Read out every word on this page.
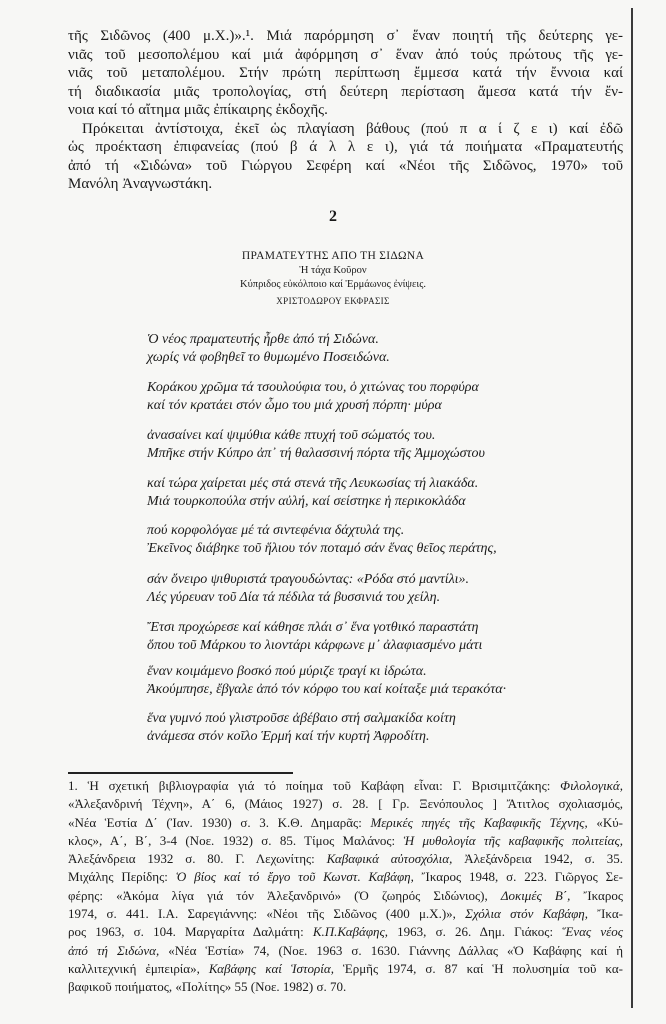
τῆς Σιδῶνος (400 μ.Χ.)».¹. Μιά παρόρμηση σ᾽ ἕναν ποιητή τῆς δεύτερης γε-
νιᾶς τοῦ μεσοπολέμου καί μιά ἀφόρμηση σ᾽ ἕναν ἀπό τούς πρώτους τῆς γε-
νιᾶς τοῦ μεταπολέμου. Στήν πρώτη περίπτωση ἔμμεσα κατά τήν ἔννοια καί
τή διαδικασία μιᾶς τροπολογίας, στή δεύτερη περίσταση ἄμεσα κατά τήν ἔν-
νοια καί τό αἴτημα μιᾶς ἐπίκαιρης ἐκδοχῆς.
Πρόκειται ἀντίστοιχα, ἐκεῖ ὡς πλαγίαση βάθους (πού π α ί ζ ε ι) καί ἐδῶ
ὡς προέκταση ἐπιφανείας (πού β ά λ λ ε ι), γιά τά ποιήματα «Πραματευτής
ἀπό τή «Σιδώνα» τοῦ Γιώργου Σεφέρη καί «Νέοι τῆς Σιδῶνος, 1970» τοῦ
Μανόλη Ἀναγνωστάκη.
2
ΠΡΑΜΑΤΕΥΤΗΣ ΑΠΟ ΤΗ ΣΙΔΩΝΑ
Ἡ τάχα Κοῦρον
Κύπριδος εὐκόλποιο καί Ἑρμάωνος ἐνίψεις.
ΧΡΙΣΤΟΔΩΡΟΥ ΕΚΦΡΑΣΙΣ
Ὁ νέος πραματευτής ἦρθε ἀπό τή Σιδώνα.
χωρίς νά φοβηθεῖ το θυμωμένο Ποσειδώνα.
Κοράκου χρῶμα τά τσουλούφια του, ὁ χιτώνας του πορφύρα
καί τόν κρατάει στόν ὦμο του μιά χρυσή πόρπη· μύρα
ἀνασαίνει καί ψιμύθια κάθε πτυχή τοῦ σώματός του.
Μπῆκε στήν Κύπρο ἀπ᾽ τή θαλασσινή πόρτα τῆς Ἀμμοχώστου
καί τώρα χαίρεται μές στά στενά τῆς Λευκωσίας τή λιακάδα.
Μιά τουρκοπούλα στήν αὐλή, καί σείστηκε ἡ περικοκλάδα
πού κορφολόγαε μέ τά σιντεφένια δάχτυλά της.
Ἐκεῖνος διάβηκε τοῦ ἥλιου τόν ποταμό σάν ἕνας θεῖος περάτης,
σάν ὄνειρο ψιθυριστά τραγουδώντας: «Ρόδα στό μαντίλι».
Λές γύρευαν τοῦ Δία τά πέδιλα τά βυσσινιά του χείλη.
Ἔτσι προχώρεσε καί κάθησε πλάι σ᾽ ἕνα γοτθικό παραστάτη
ὅπου τοῦ Μάρκου το λιοντάρι κάρφωνε μ᾽ ἀλαφιασμένο μάτι
ἕναν κοιμάμενο βοσκό πού μύριζε τραγί κι ἱδρώτα.
Ἀκούμπησε, ἔβγαλε ἀπό τόν κόρφο του καί κοίταξε μιά τερακότα·
ἕνα γυμνό πού γλιστροῦσε ἀβέβαιο στή σαλμακίδα κοίτη
ἀνάμεσα στόν κοῖλο Ἑρμή καί τήν κυρτή Ἀφροδίτη.
1. Ἡ σχετική βιβλιογραφία γιά τό ποίημα τοῦ Καβάφη εἶναι: Γ. Βρισιμιτζάκης: Φιλολογικά,
«Ἀλεξανδρινή Τέχνη», Α΄ 6, (Μάιος 1927) σ. 28. [ Γρ. Ξενόπουλος ] Ἄτιτλος σχολιασμός,
«Νέα Ἑστία Δ΄ (Ἰαν. 1930) σ. 3. Κ.Θ. Δημαρᾶς: Μερικές πηγές τῆς Καβαφικῆς Τέχνης, «Κύ-
κλος», Α΄, Β΄, 3-4 (Νοε. 1932) σ. 85. Τίμος Μαλάνος: Ἡ μυθολογία τῆς καβαφικῆς πολιτείας,
Ἀλεξάνδρεια 1932 σ. 80. Γ. Λεχωνίτης: Καβαφικά αὐτοσχόλια, Ἀλεξάνδρεια 1942, σ. 35.
Μιχάλης Περίδης: Ὁ βίος καί τό ἔργο τοῦ Κωνστ. Καβάφη, Ἴκαρος 1948, σ. 223. Γιῶργος Σε-
φέρης: «Ἀκόμα λίγα γιά τόν Ἀλεξανδρινό» (Ὁ ζωηρός Σιδώνιος), Δοκιμές Β΄, Ἴκαρος
1974, σ. 441. Ι.Α. Σαρεγιάννης: «Νέοι τῆς Σιδῶνος (400 μ.Χ.)», Σχόλια στόν Καβάφη, Ἴκα-
ρος 1963, σ. 104. Μαργαρίτα Δαλμάτη: Κ.Π.Καβάφης, 1963, σ. 26. Δημ. Γιάκος: Ἕνας νέος
ἀπό τή Σιδώνα, «Νέα Ἑστία» 74, (Νοε. 1963 σ. 1630. Γιάννης Δάλλας «Ὁ Καβάφης καί ἡ
καλλιτεχνική ἐμπειρία», Καβάφης καί Ἱστορία, Ἑρμῆς 1974, σ. 87 καί Ἡ πολυσημία τοῦ κα-
βαφικοῦ ποιήματος, «Πολίτης» 55 (Νοε. 1982) σ. 70.
